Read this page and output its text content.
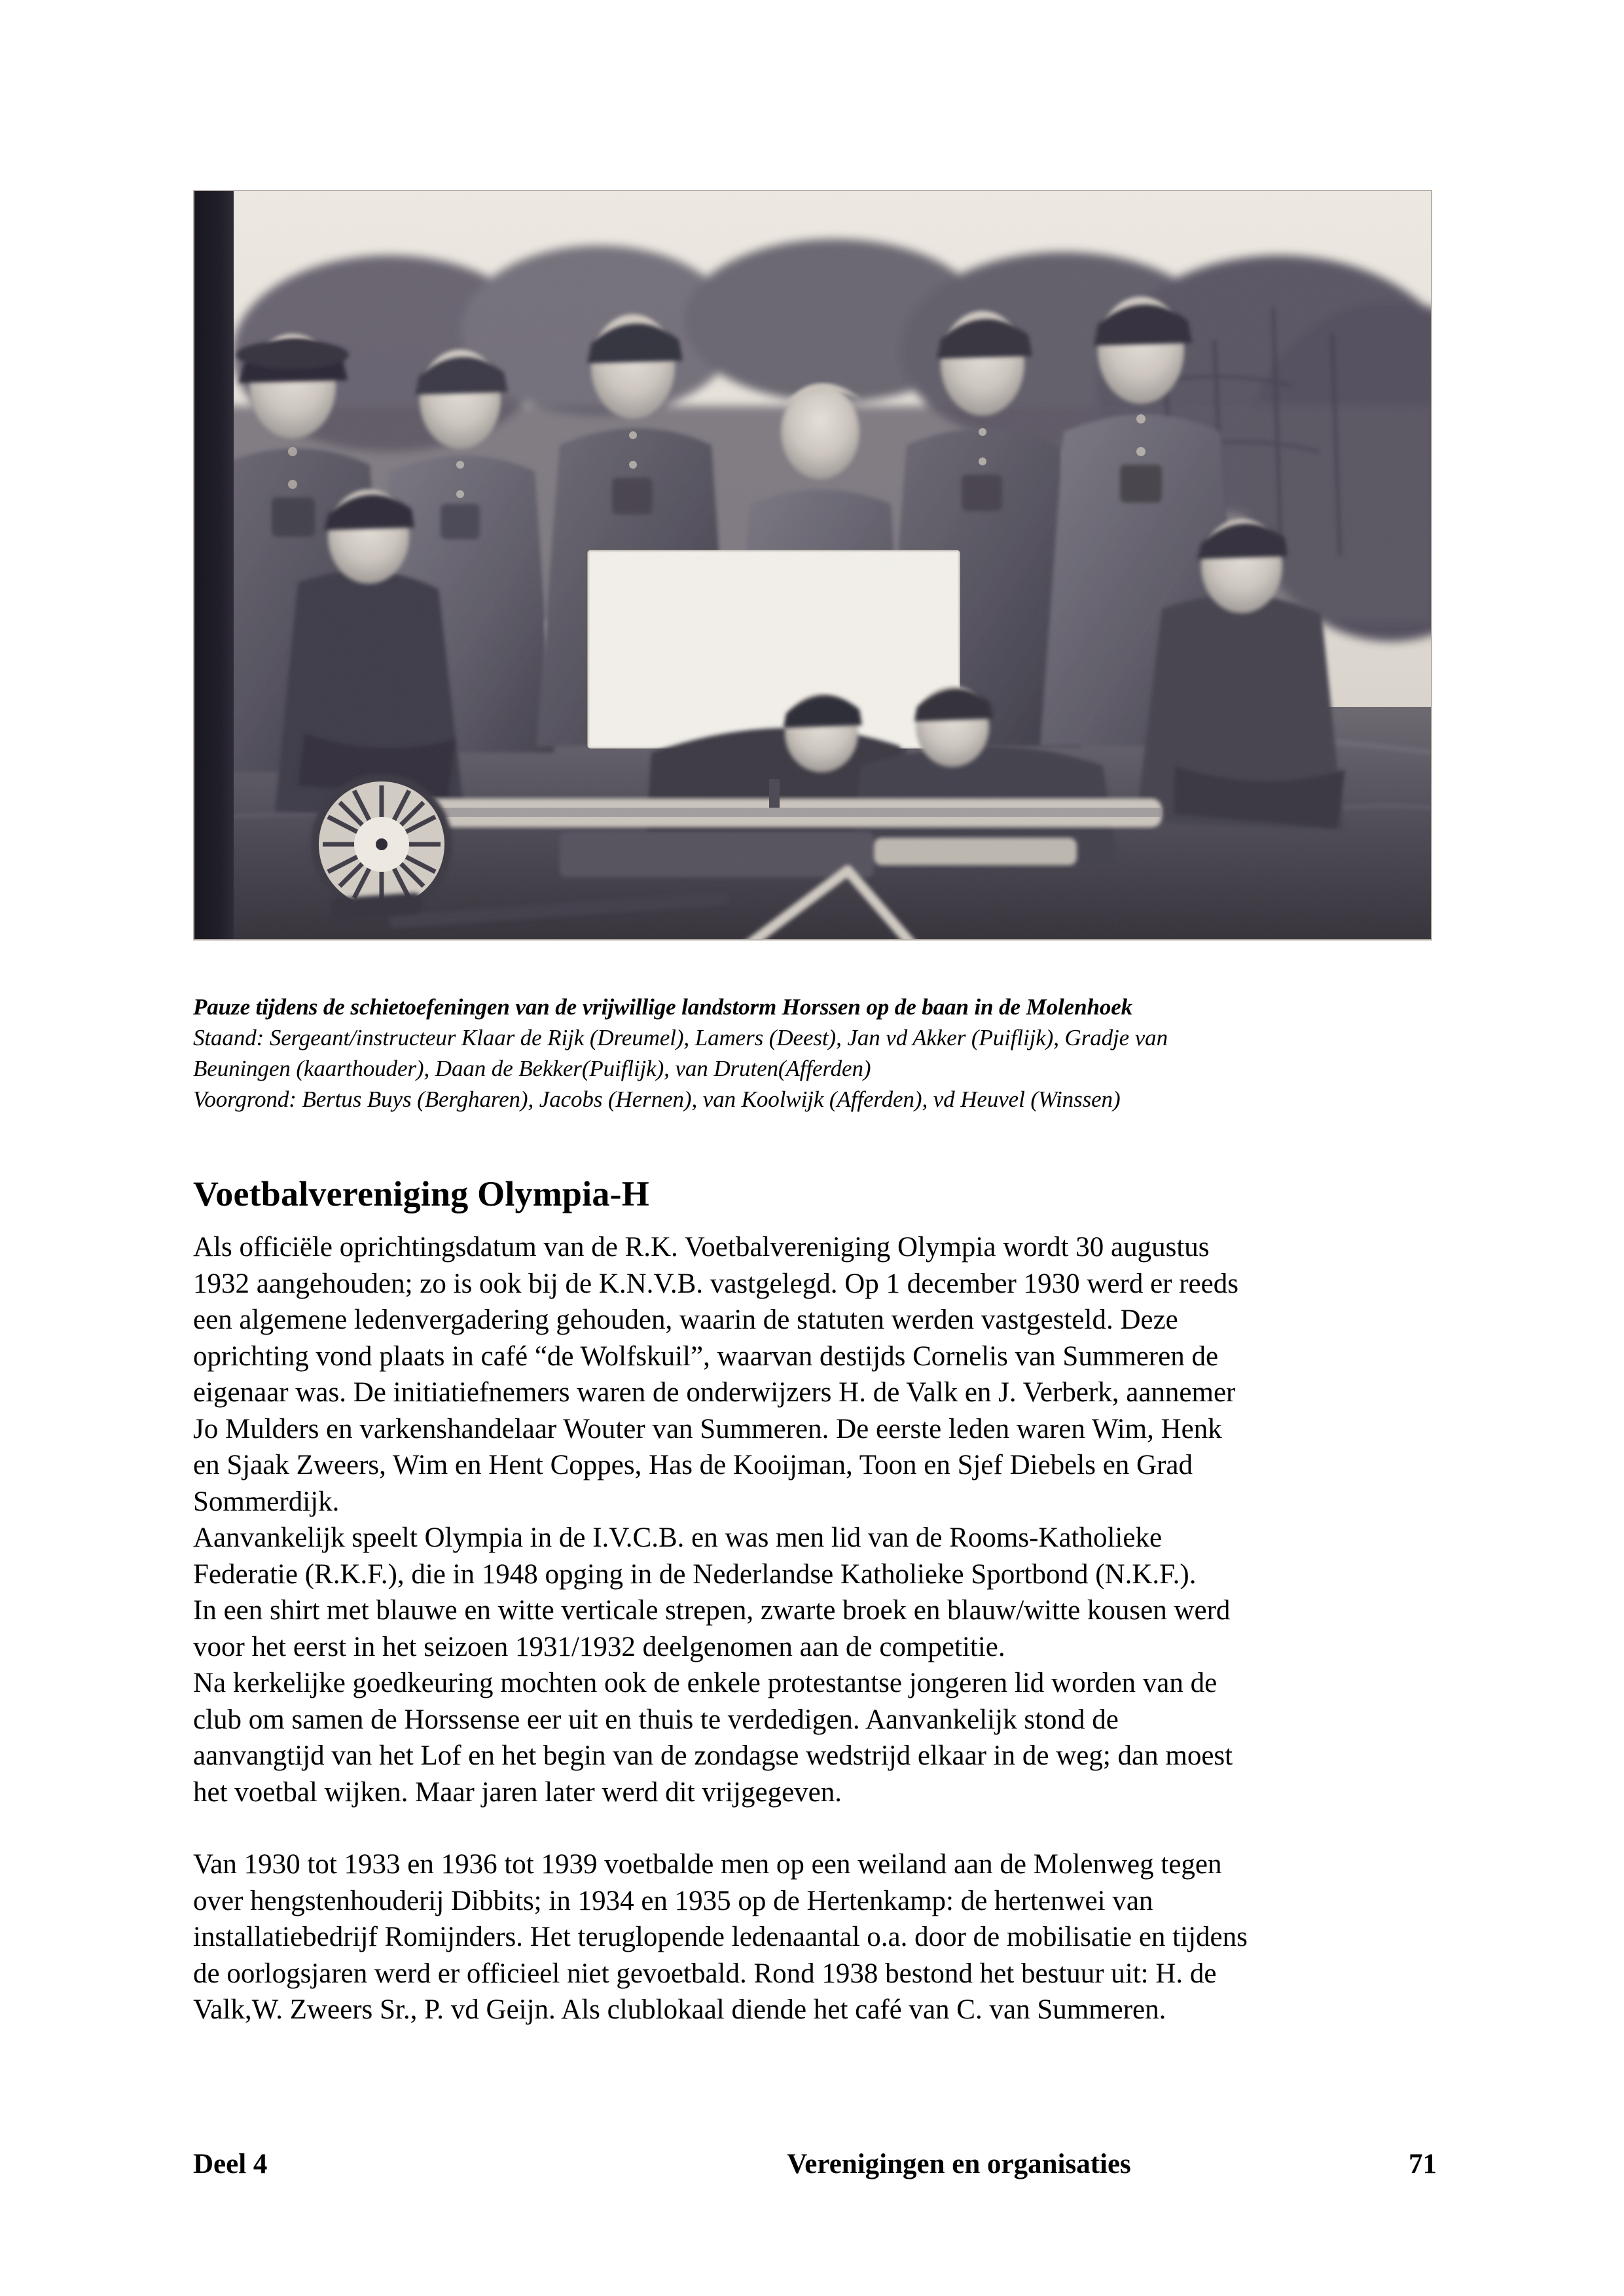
Pauze tijdens de schietoefeningen van de vrijwillige landstorm Horssen op de baan in de Molenhoek
Staand: Sergeant/instructeur Klaar de Rijk (Dreumel), Lamers (Deest), Jan vd Akker (Puiflijk), Gradje van
Beuningen (kaarthouder), Daan de Bekker(Puiflijk), van Druten(Afferden)
Voorgrond: Bertus Buys (Bergharen), Jacobs (Hernen), van Koolwijk (Afferden), vd Heuvel (Winssen)
Voetbalvereniging Olympia-H

Als officiële oprichtingsdatum van de R.K. Voetbalvereniging Olympia wordt 30 augustus
1932 aangehouden; zo is ook bij de K.N.V.B. vastgelegd. Op 1 december 1930 werd er reeds
een algemene ledenvergadering gehouden, waarin de statuten werden vastgesteld. Deze
oprichting vond plaats in café “de Wolfskuil”, waarvan destijds Cornelis van Summeren de
eigenaar was. De initiatiefnemers waren de onderwijzers H. de Valk en J. Verberk, aannemer
Jo Mulders en varkenshandelaar Wouter van Summeren. De eerste leden waren Wim, Henk
en Sjaak Zweers, Wim en Hent Coppes, Has de Kooijman, Toon en Sjef Diebels en Grad
Sommerdijk.
Aanvankelijk speelt Olympia in de I.V.C.B. en was men lid van de Rooms-Katholieke
Federatie (R.K.F.), die in 1948 opging in de Nederlandse Katholieke Sportbond (N.K.F.).
In een shirt met blauwe en witte verticale strepen, zwarte broek en blauw/witte kousen werd
voor het eerst in het seizoen 1931/1932 deelgenomen aan de competitie.
Na kerkelijke goedkeuring mochten ook de enkele protestantse jongeren lid worden van de
club om samen de Horssense eer uit en thuis te verdedigen. Aanvankelijk stond de
aanvangtijd van het Lof en het begin van de zondagse wedstrijd elkaar in de weg; dan moest
het voetbal wijken. Maar jaren later werd dit vrijgegeven.

Van 1930 tot 1933 en 1936 tot 1939 voetbalde men op een weiland aan de Molenweg tegen
over hengstenhouderij Dibbits; in 1934 en 1935 op de Hertenkamp: de hertenwei van
installatiebedrijf Romijnders. Het teruglopende ledenaantal o.a. door de mobilisatie en tijdens
de oorlogsjaren werd er officieel niet gevoetbald. Rond 1938 bestond het bestuur uit: H. de
Valk,W. Zweers Sr., P. vd Geijn. Als clublokaal diende het café van C. van Summeren.

Deel 4	Verenigingen en organisaties	71
